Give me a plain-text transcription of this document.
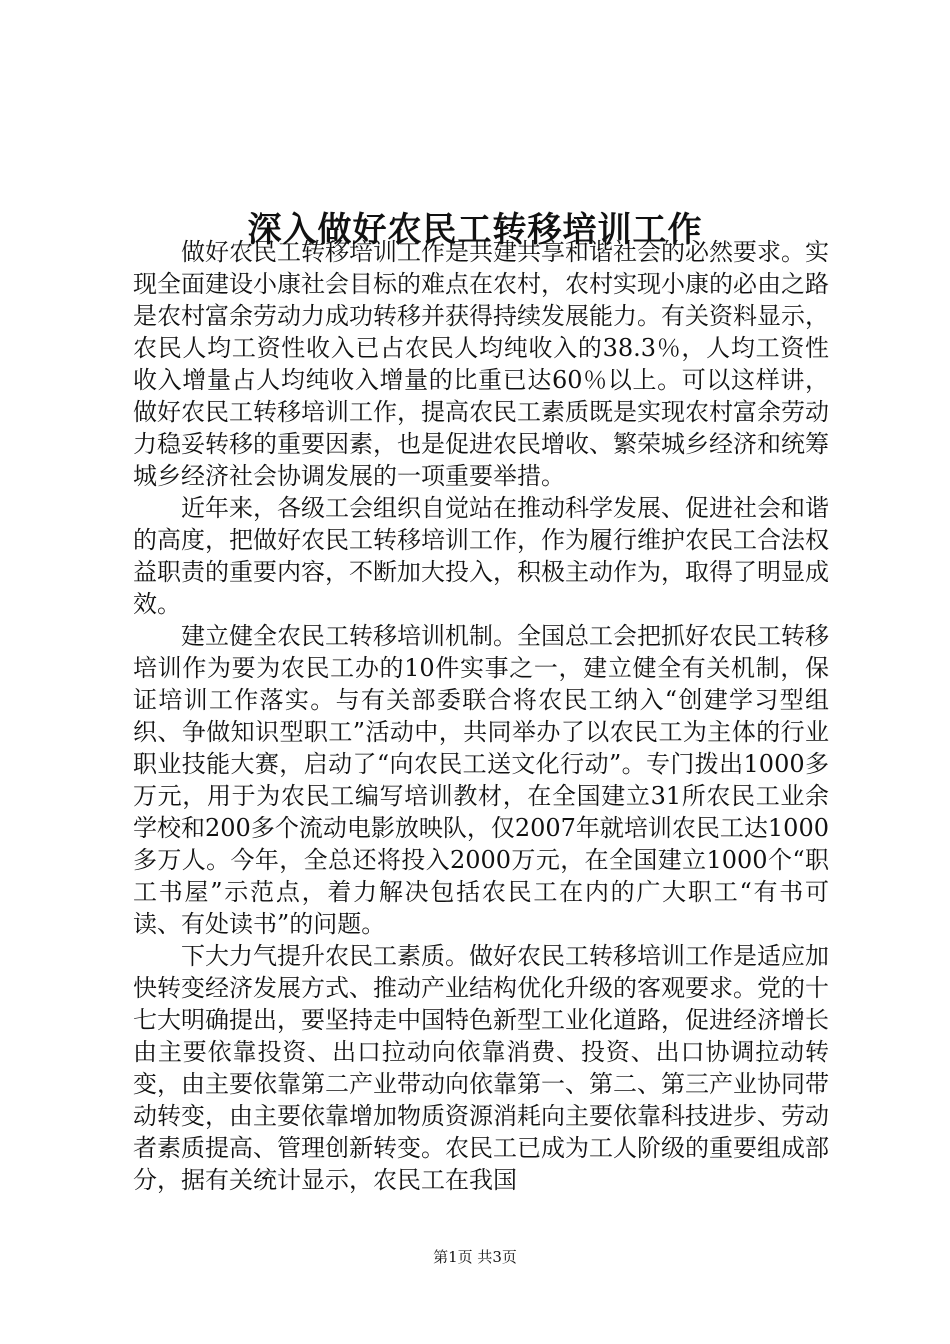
深入做好农民工转移培训工作

做好农民工转移培训工作是共建共享和谐社会的必然要求。实现全面建设小康社会目标的难点在农村，农村实现小康的必由之路是农村富余劳动力成功转移并获得持续发展能力。有关资料显示，农民人均工资性收入已占农民人均纯收入的38.3％，人均工资性收入增量占人均纯收入增量的比重已达60％以上。可以这样讲，做好农民工转移培训工作，提高农民工素质既是实现农村富余劳动力稳妥转移的重要因素，也是促进农民增收、繁荣城乡经济和统筹城乡经济社会协调发展的一项重要举措。

近年来，各级工会组织自觉站在推动科学发展、促进社会和谐的高度，把做好农民工转移培训工作，作为履行维护农民工合法权益职责的重要内容，不断加大投入，积极主动作为，取得了明显成效。

建立健全农民工转移培训机制。全国总工会把抓好农民工转移培训作为要为农民工办的10件实事之一，建立健全有关机制，保证培训工作落实。与有关部委联合将农民工纳入“创建学习型组织、争做知识型职工”活动中，共同举办了以农民工为主体的行业职业技能大赛，启动了“向农民工送文化行动”。专门拨出1000多万元，用于为农民工编写培训教材，在全国建立31所农民工业余学校和200多个流动电影放映队，仅2007年就培训农民工达1000多万人。今年，全总还将投入2000万元，在全国建立1000个“职工书屋”示范点，着力解决包括农民工在内的广大职工“有书可读、有处读书”的问题。

下大力气提升农民工素质。做好农民工转移培训工作是适应加快转变经济发展方式、推动产业结构优化升级的客观要求。党的十七大明确提出，要坚持走中国特色新型工业化道路，促进经济增长由主要依靠投资、出口拉动向依靠消费、投资、出口协调拉动转变，由主要依靠第二产业带动向依靠第一、第二、第三产业协同带动转变，由主要依靠增加物质资源消耗向主要依靠科技进步、劳动者素质提高、管理创新转变。农民工已成为工人阶级的重要组成部分，据有关统计显示，农民工在我国

第1页 共3页
